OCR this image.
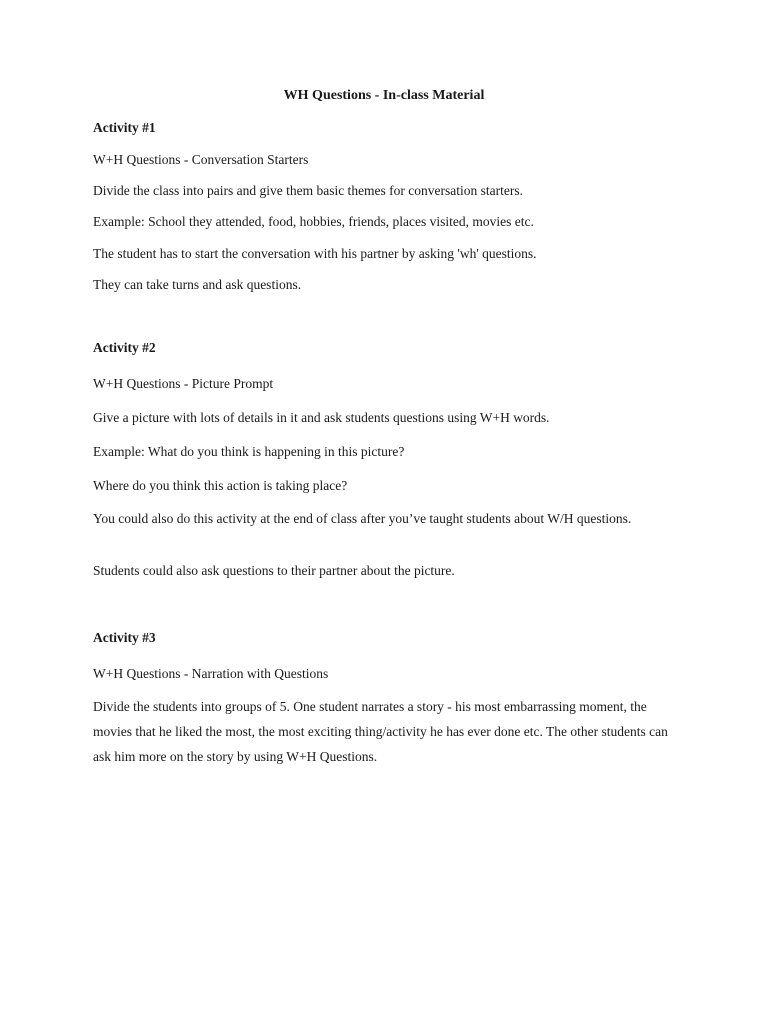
WH Questions - In-class Material

Activity #1

W+H Questions - Conversation Starters

Divide the class into pairs and give them basic themes for conversation starters.

Example: School they attended, food, hobbies, friends, places visited, movies etc.

The student has to start the conversation with his partner by asking 'wh' questions.

They can take turns and ask questions.

Activity #2

W+H Questions - Picture Prompt

Give a picture with lots of details in it and ask students questions using W+H words.

Example: What do you think is happening in this picture?

Where do you think this action is taking place?

You could also do this activity at the end of class after you’ve taught students about W/H questions.

Students could also ask questions to their partner about the picture.

Activity #3

W+H Questions - Narration with Questions

Divide the students into groups of 5. One student narrates a story - his most embarrassing moment, the movies that he liked the most, the most exciting thing/activity he has ever done etc. The other students can ask him more on the story by using W+H Questions.
